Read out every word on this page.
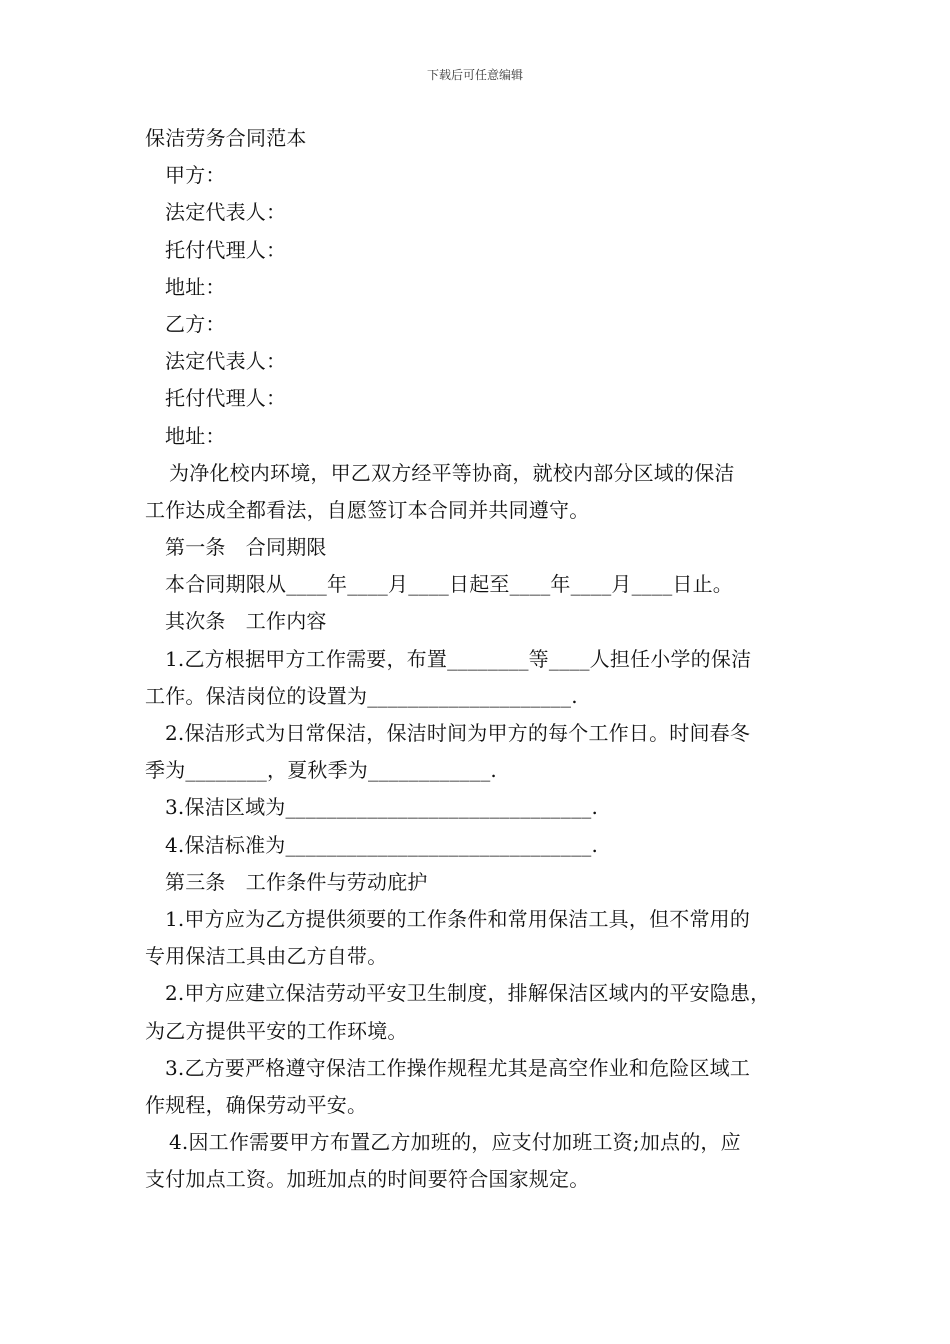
下载后可任意编辑
保洁劳务合同范本
甲方：
法定代表人：
托付代理人：
地址：
乙方：
法定代表人：
托付代理人：
地址：
为净化校内环境，甲乙双方经平等协商，就校内部分区域的保洁
工作达成全都看法，自愿签订本合同并共同遵守。
第一条　合同期限
本合同期限从____年____月____日起至____年____月____日止。
其次条　工作内容
1.乙方根据甲方工作需要，布置________等____人担任小学的保洁
工作。保洁岗位的设置为____________________.
2.保洁形式为日常保洁，保洁时间为甲方的每个工作日。时间春冬
季为________，夏秋季为____________.
3.保洁区域为______________________________.
4.保洁标准为______________________________.
第三条　工作条件与劳动庇护
1.甲方应为乙方提供须要的工作条件和常用保洁工具，但不常用的
专用保洁工具由乙方自带。
2.甲方应建立保洁劳动平安卫生制度，排解保洁区域内的平安隐患，
为乙方提供平安的工作环境。
3.乙方要严格遵守保洁工作操作规程尤其是高空作业和危险区域工
作规程，确保劳动平安。
4.因工作需要甲方布置乙方加班的，应支付加班工资;加点的，应
支付加点工资。加班加点的时间要符合国家规定。
